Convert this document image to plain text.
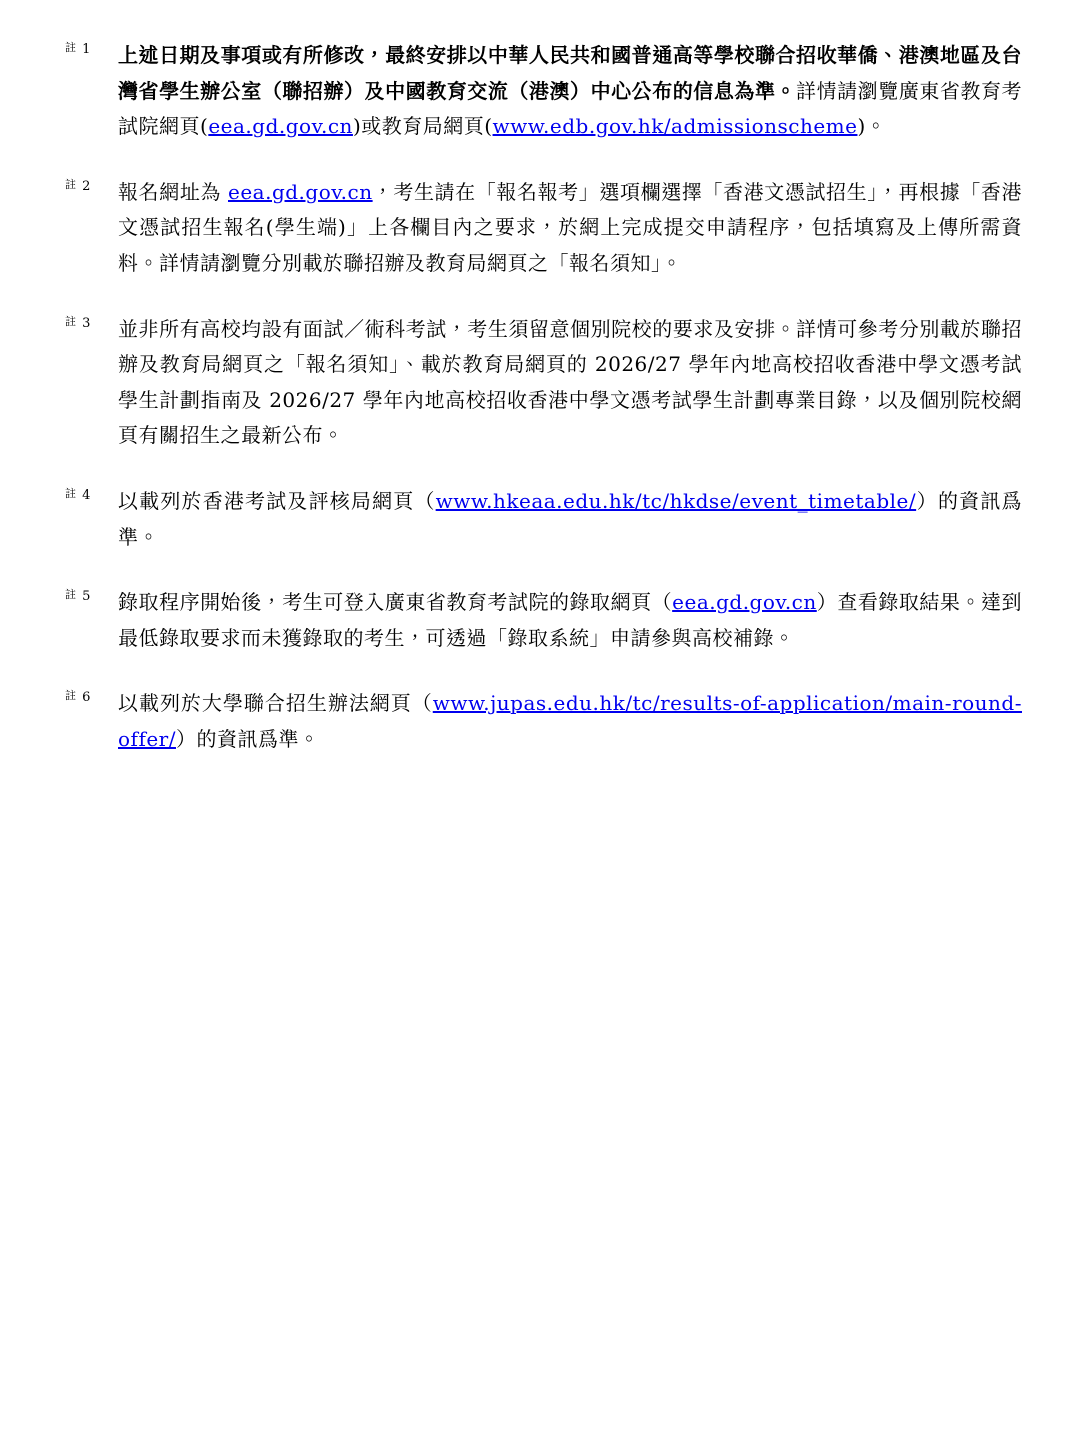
註 1	上述日期及事項或有所修改，最終安排以中華人民共和國普通高等學校聯合招收華僑、港澳地區及台灣省學生辦公室（聯招辦）及中國教育交流（港澳）中心公布的信息為準。詳情請瀏覽廣東省教育考試院網頁(eea.gd.gov.cn)或教育局網頁(www.edb.gov.hk/admissionscheme)。
註 2	報名網址為 eea.gd.gov.cn，考生請在「報名報考」選項欄選擇「香港文憑試招生」，再根據「香港文憑試招生報名(學生端)」上各欄目內之要求，於網上完成提交申請程序，包括填寫及上傳所需資料。詳情請瀏覽分別載於聯招辦及教育局網頁之「報名須知」。
註 3	並非所有高校均設有面試／術科考試，考生須留意個別院校的要求及安排。詳情可參考分別載於聯招辦及教育局網頁之「報名須知」、載於教育局網頁的 2026/27 學年內地高校招收香港中學文憑考試學生計劃指南及 2026/27 學年內地高校招收香港中學文憑考試學生計劃專業目錄，以及個別院校網頁有關招生之最新公布。
註 4	以載列於香港考試及評核局網頁（www.hkeaa.edu.hk/tc/hkdse/event_timetable/）的資訊爲準。
註 5	錄取程序開始後，考生可登入廣東省教育考試院的錄取網頁（eea.gd.gov.cn）查看錄取結果。達到最低錄取要求而未獲錄取的考生，可透過「錄取系統」申請參與高校補錄。
註 6	以載列於大學聯合招生辦法網頁（www.jupas.edu.hk/tc/results-of-application/main-round-offer/）的資訊爲準。
